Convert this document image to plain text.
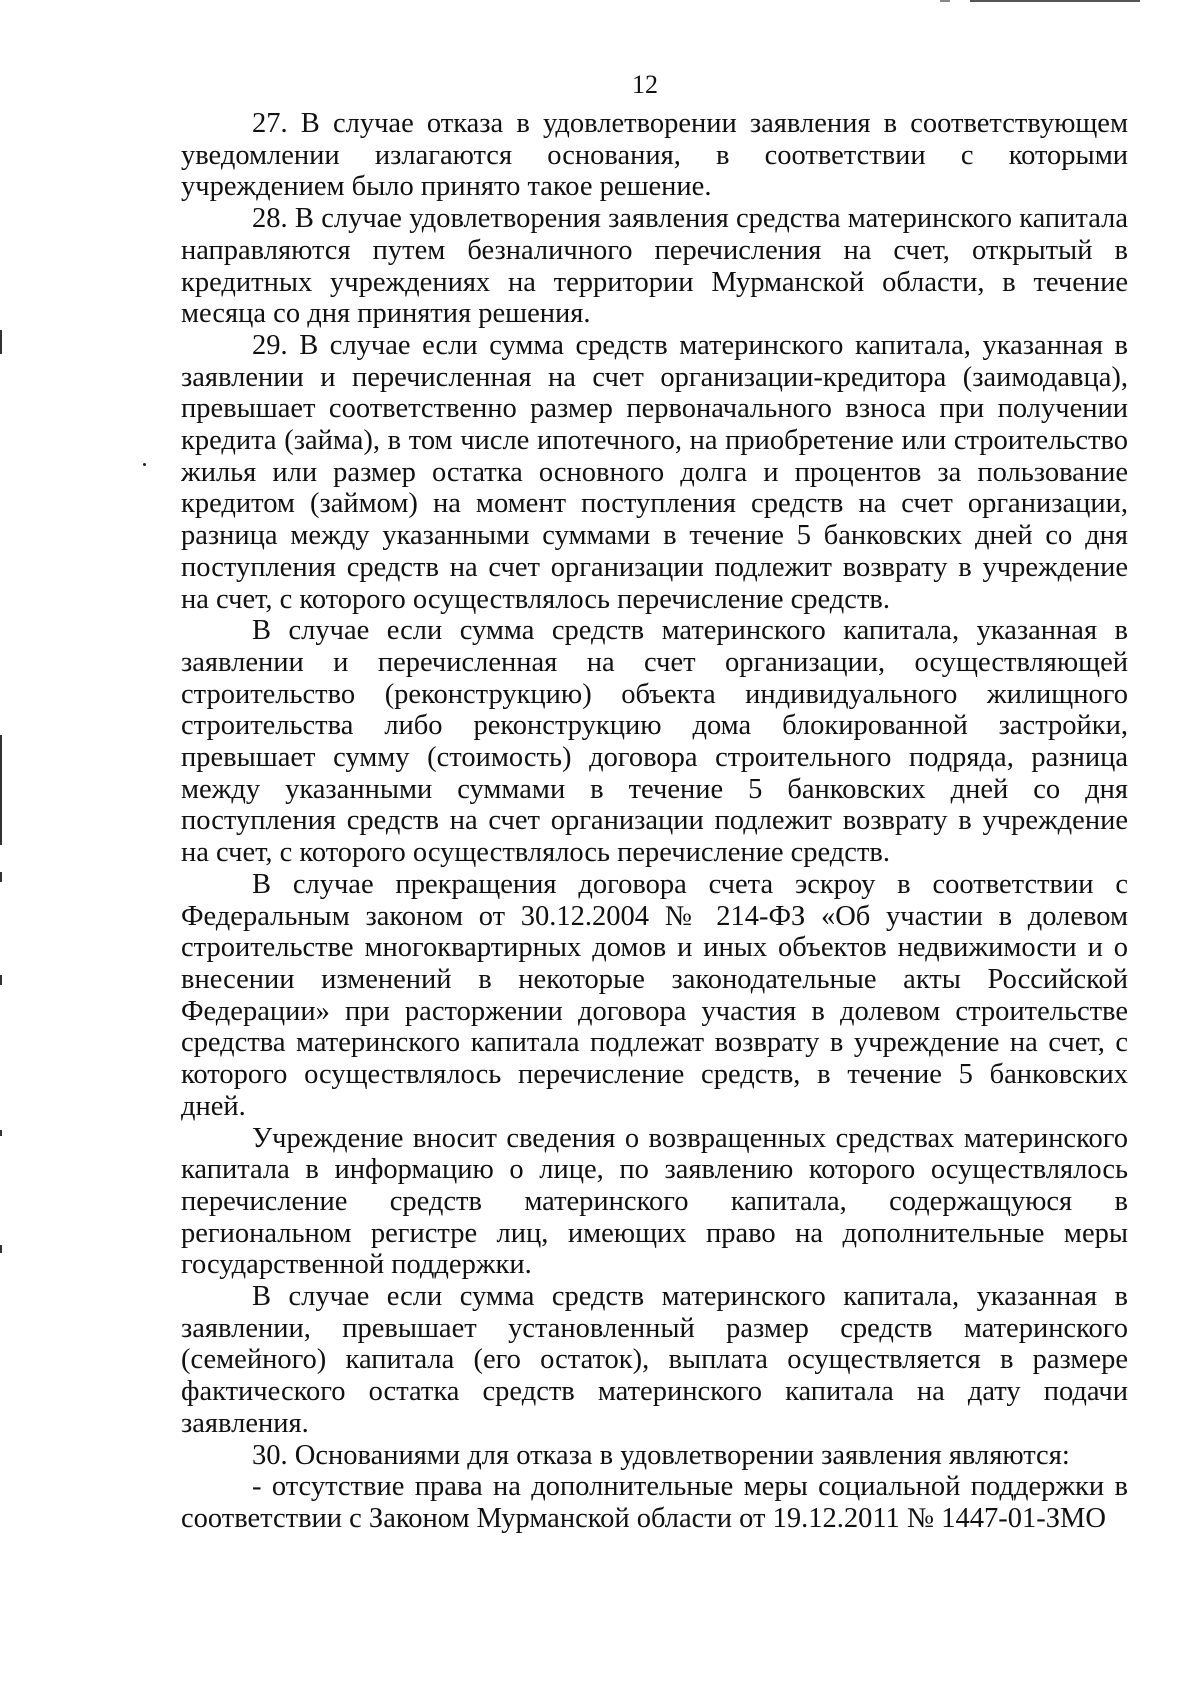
12

27. В случае отказа в удовлетворении заявления в соответствующем уведомлении излагаются основания, в соответствии с которыми учреждением было принято такое решение.

28. В случае удовлетворения заявления средства материнского капитала направляются путем безналичного перечисления на счет, открытый в кредитных учреждениях на территории Мурманской области, в течение месяца со дня принятия решения.

29. В случае если сумма средств материнского капитала, указанная в заявлении и перечисленная на счет организации-кредитора (заимодавца), превышает соответственно размер первоначального взноса при получении кредита (займа), в том числе ипотечного, на приобретение или строительство жилья или размер остатка основного долга и процентов за пользование кредитом (займом) на момент поступления средств на счет организации, разница между указанными суммами в течение 5 банковских дней со дня поступления средств на счет организации подлежит возврату в учреждение на счет, с которого осуществлялось перечисление средств.

В случае если сумма средств материнского капитала, указанная в заявлении и перечисленная на счет организации, осуществляющей строительство (реконструкцию) объекта индивидуального жилищного строительства либо реконструкцию дома блокированной застройки, превышает сумму (стоимость) договора строительного подряда, разница между указанными суммами в течение 5 банковских дней со дня поступления средств на счет организации подлежит возврату в учреждение на счет, с которого осуществлялось перечисление средств.

В случае прекращения договора счета эскроу в соответствии с Федеральным законом от 30.12.2004 № 214-ФЗ «Об участии в долевом строительстве многоквартирных домов и иных объектов недвижимости и о внесении изменений в некоторые законодательные акты Российской Федерации» при расторжении договора участия в долевом строительстве средства материнского капитала подлежат возврату в учреждение на счет, с которого осуществлялось перечисление средств, в течение 5 банковских дней.

Учреждение вносит сведения о возвращенных средствах материнского капитала в информацию о лице, по заявлению которого осуществлялось перечисление средств материнского капитала, содержащуюся в региональном регистре лиц, имеющих право на дополнительные меры государственной поддержки.

В случае если сумма средств материнского капитала, указанная в заявлении, превышает установленный размер средств материнского (семейного) капитала (его остаток), выплата осуществляется в размере фактического остатка средств материнского капитала на дату подачи заявления.

30. Основаниями для отказа в удовлетворении заявления являются:

- отсутствие права на дополнительные меры социальной поддержки в соответствии с Законом Мурманской области от 19.12.2011 № 1447-01-ЗМО
